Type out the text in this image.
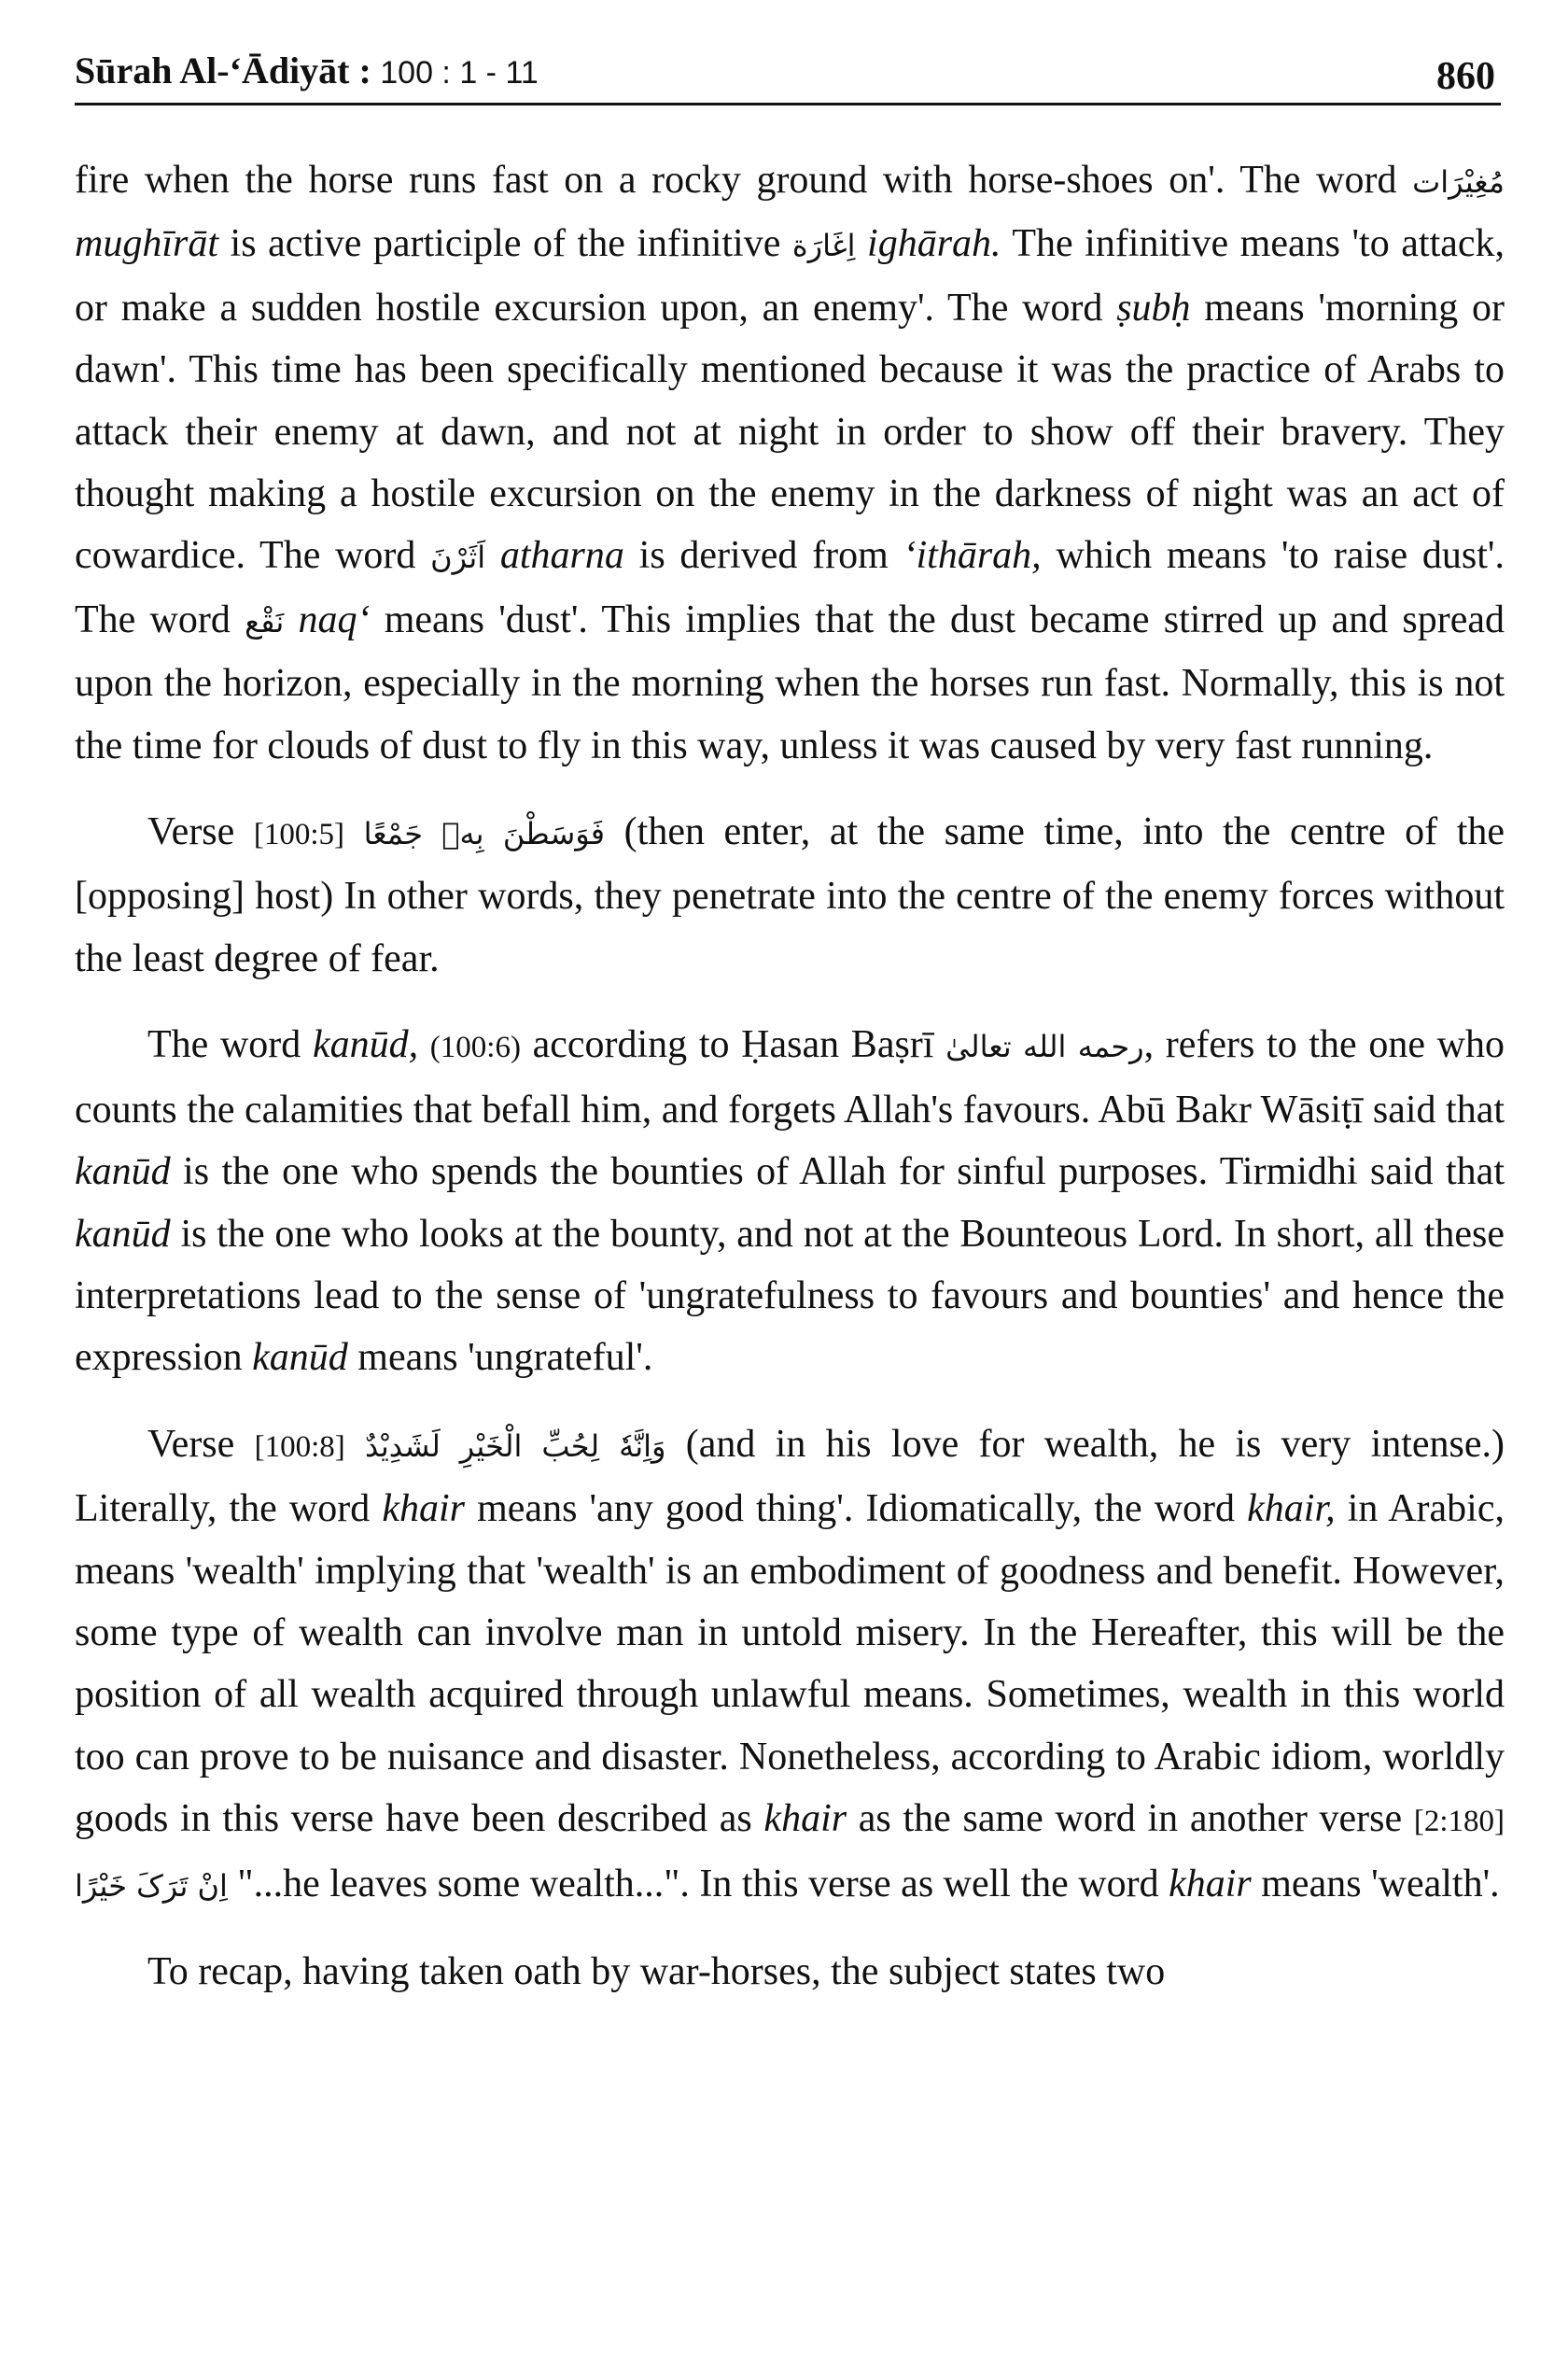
Sūrah Al-‘Ādiyāt : 100 : 1 - 11	860

fire when the horse runs fast on a rocky ground with horse-shoes on'. The word مُغِيْرَات mughīrāt is active participle of the infinitive اِغَارَة ighārah. The infinitive means 'to attack, or make a sudden hostile excursion upon, an enemy'. The word ṣubḥ means 'morning or dawn'. This time has been specifically mentioned because it was the practice of Arabs to attack their enemy at dawn, and not at night in order to show off their bravery. They thought making a hostile excursion on the enemy in the darkness of night was an act of cowardice. The word اَثَرْنَ atharna is derived from ‘ithārah, which means 'to raise dust'. The word نَقْع naq‘ means 'dust'. This implies that the dust became stirred up and spread upon the horizon, especially in the morning when the horses run fast. Normally, this is not the time for clouds of dust to fly in this way, unless it was caused by very fast running.

Verse [100:5] فَوَسَطْنَ بِهٖ جَمْعًا (then enter, at the same time, into the centre of the [opposing] host) In other words, they penetrate into the centre of the enemy forces without the least degree of fear.

The word kanūd, (100:6) according to Ḥasan Baṣrī رحمه الله تعالیٰ, refers to the one who counts the calamities that befall him, and forgets Allah's favours. Abū Bakr Wāsiṭī said that kanūd is the one who spends the bounties of Allah for sinful purposes. Tirmidhi said that kanūd is the one who looks at the bounty, and not at the Bounteous Lord. In short, all these interpretations lead to the sense of 'ungratefulness to favours and bounties' and hence the expression kanūd means 'ungrateful'.

Verse [100:8] وَاِنَّهٗ لِحُبِّ الْخَيْرِ لَشَدِيْدٌ (and in his love for wealth, he is very intense.) Literally, the word khair means 'any good thing'. Idiomatically, the word khair, in Arabic, means 'wealth' implying that 'wealth' is an embodiment of goodness and benefit. However, some type of wealth can involve man in untold misery. In the Hereafter, this will be the position of all wealth acquired through unlawful means. Sometimes, wealth in this world too can prove to be nuisance and disaster. Nonetheless, according to Arabic idiom, worldly goods in this verse have been described as khair as the same word in another verse [2:180] اِنْ تَرَکَ خَيْرًا "...he leaves some wealth...". In this verse as well the word khair means 'wealth'.

To recap, having taken oath by war-horses, the subject states two
